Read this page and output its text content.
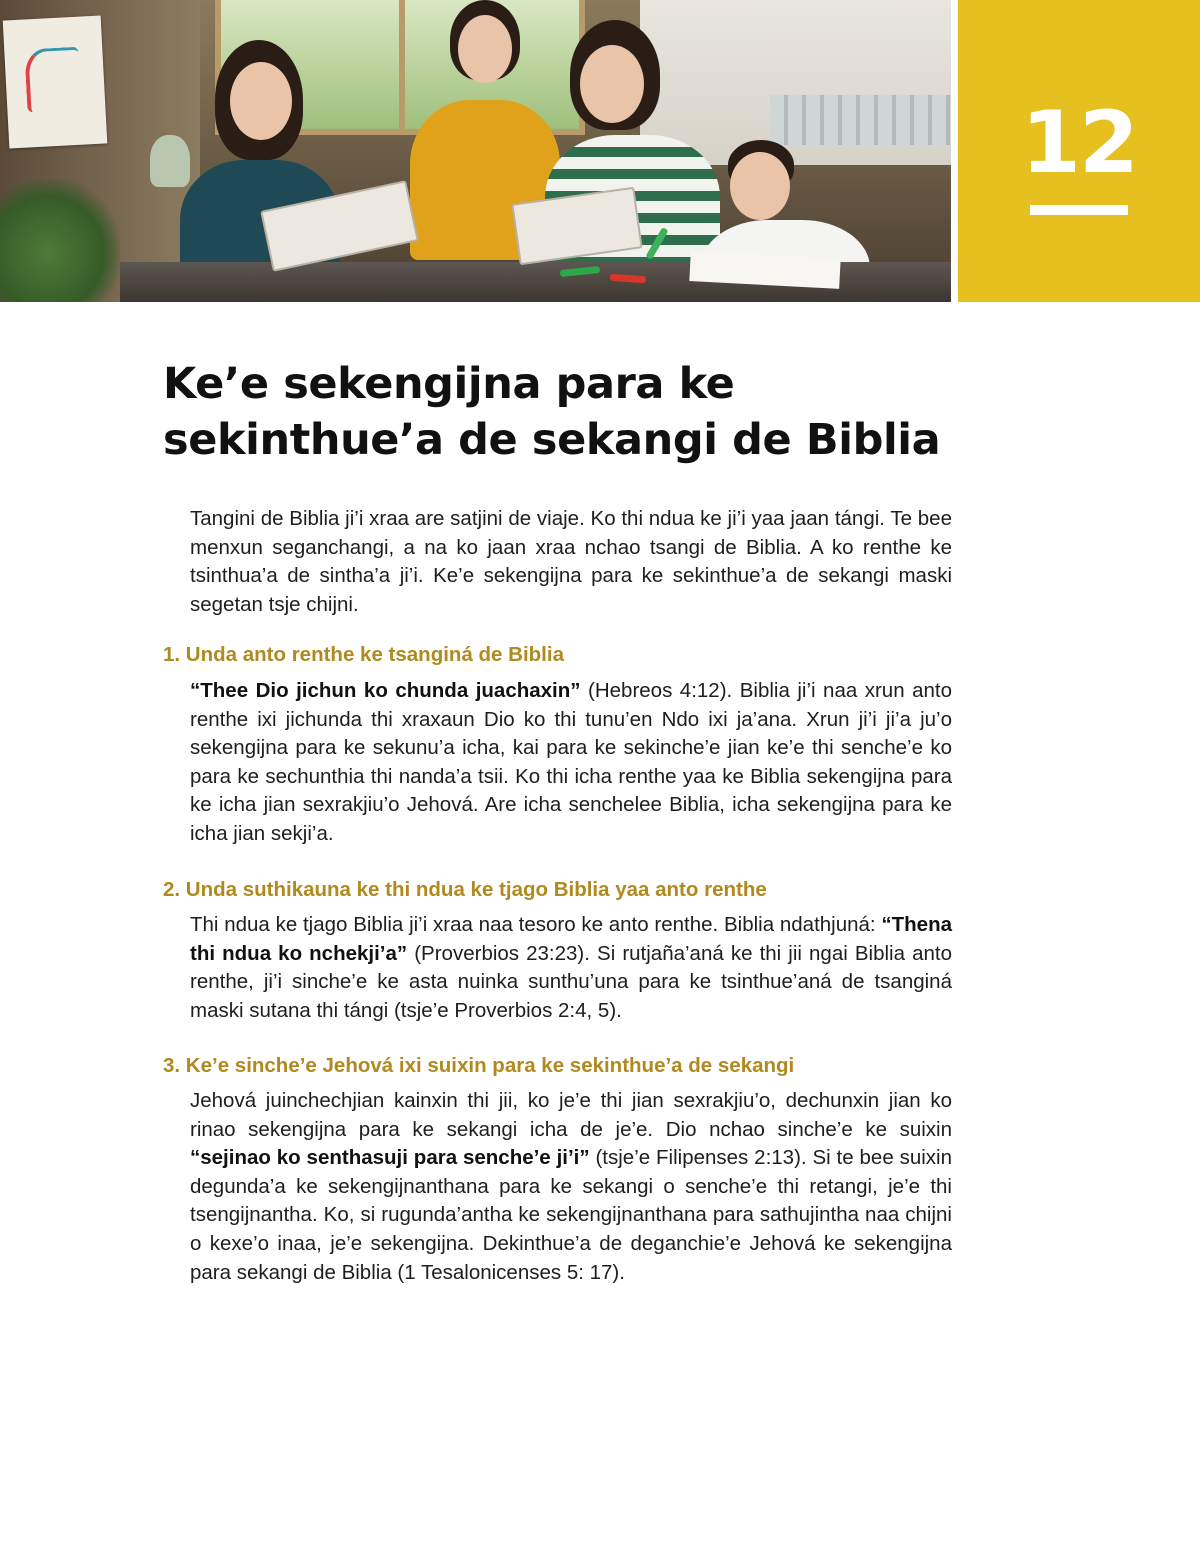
12
Ke’e sekengijna para ke
sekinthue’a de sekangi de Biblia

Tangini de Biblia ji’i xraa are satjini de viaje. Ko thi ndua ke ji’i yaa jaan tángi. Te bee menxun seganchangi, a na ko jaan xraa nchao tsangi de Biblia. A ko renthe ke tsinthua’a de sintha’a ji’i. Ke’e sekengijna para ke sekinthue’a de sekangi maski segetan tsje chijni.

1. Unda anto renthe ke tsanginá de Biblia

“Thee Dio jichun ko chunda juachaxin” (Hebreos 4:12). Biblia ji’i naa xrun anto renthe ixi jichunda thi xraxaun Dio ko thi tunu’en Ndo ixi ja’ana. Xrun ji’i ji’a ju’o sekengijna para ke sekunu’a icha, kai para ke sekinche’e jian ke’e thi senche’e ko para ke sechunthia thi nanda’a tsii. Ko thi icha renthe yaa ke Biblia sekengijna para ke icha jian sexrakjiu’o Jehová. Are icha senchelee Biblia, icha sekengijna para ke icha jian sekji’a.

2. Unda suthikauna ke thi ndua ke tjago Biblia yaa anto renthe

Thi ndua ke tjago Biblia ji’i xraa naa tesoro ke anto renthe. Biblia ndathjuná: “Thena thi ndua ko nchekji’a” (Proverbios 23:23). Si rutjaña’aná ke thi jii ngai Biblia anto renthe, ji’i sinche’e ke asta nuinka sunthu’una para ke tsinthue’aná de tsanginá maski sutana thi tángi (tsje’e Proverbios 2:4, 5).

3. Ke’e sinche’e Jehová ixi suixin para ke sekinthue’a de sekangi

Jehová juinchechjian kainxin thi jii, ko je’e thi jian sexrakjiu’o, dechunxin jian ko rinao sekengijna para ke sekangi icha de je’e. Dio nchao sinche’e ke suixin “sejinao ko senthasuji para senche’e ji’i” (tsje’e Filipenses 2:13). Si te bee suixin degunda’a ke sekengijnanthana para ke sekangi o senche’e thi retangi, je’e thi tsengijnantha. Ko, si rugunda’antha ke sekengijnanthana para sathujintha naa chijni o kexe’o inaa, je’e sekengijna. Dekinthue’a de deganchie’e Jehová ke sekengijna para sekangi de Biblia (1 Tesalonicenses 5: 17).
